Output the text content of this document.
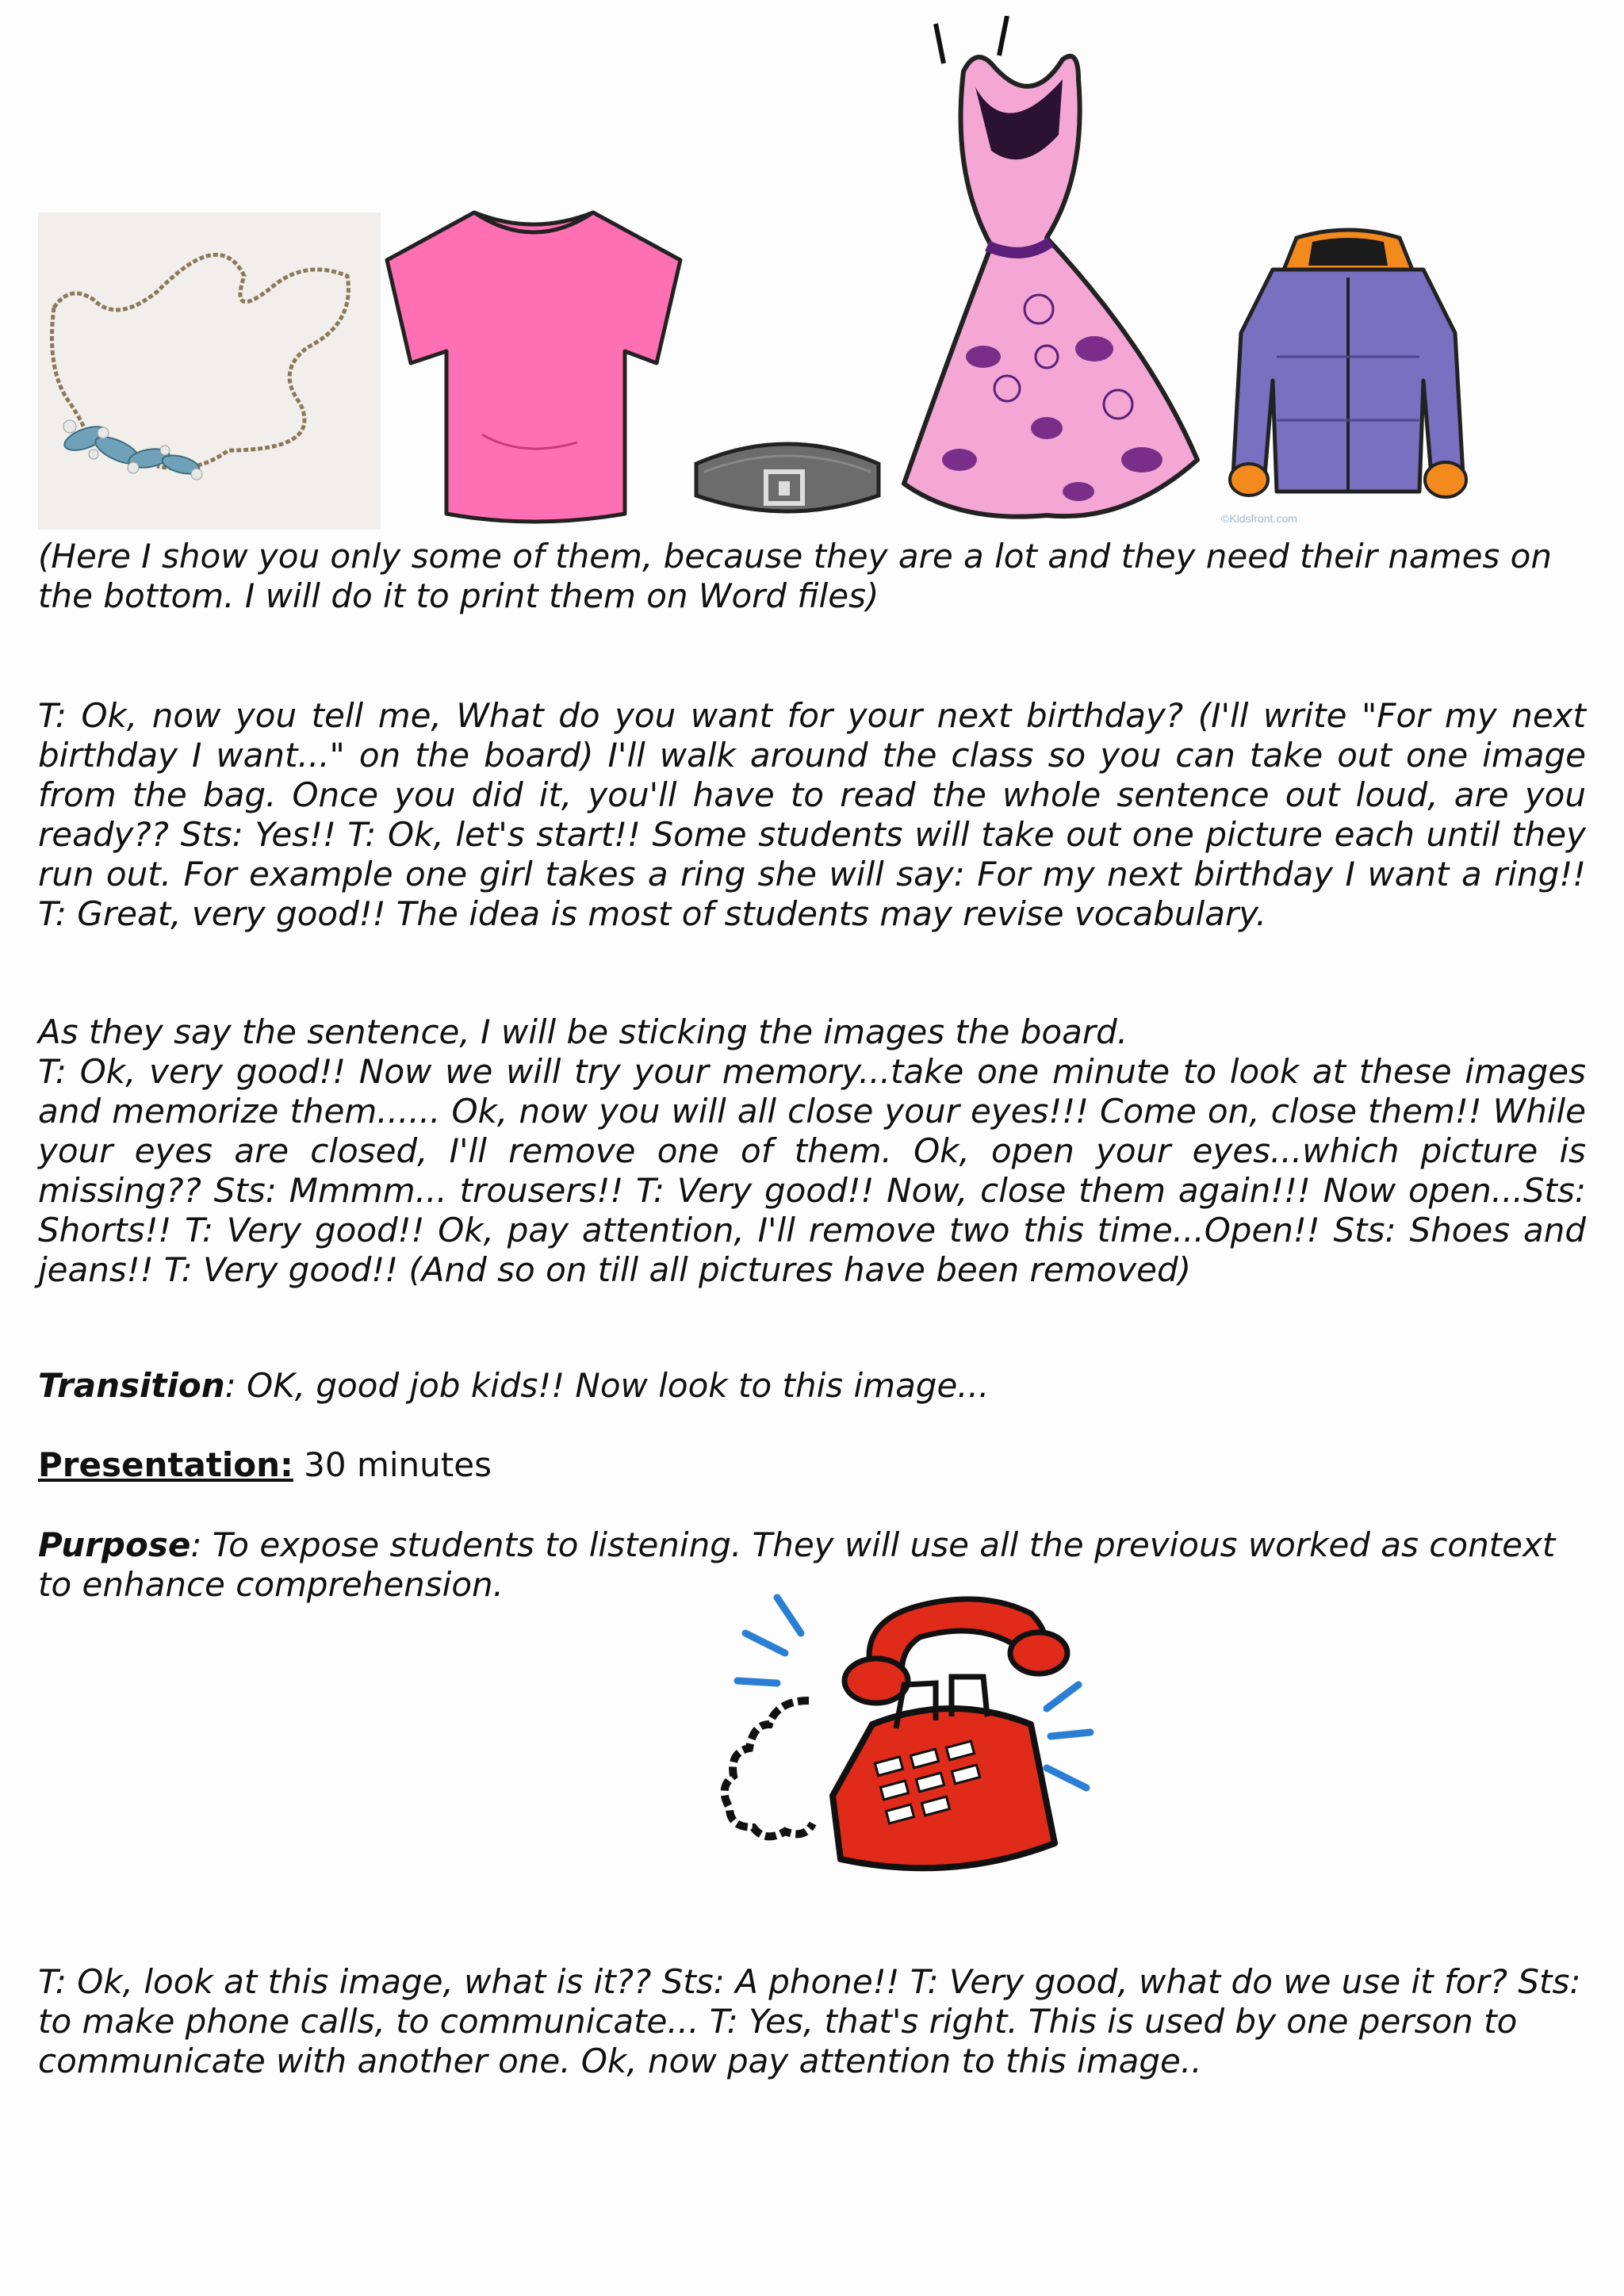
©Kidsfront.com

(Here I show you only some of them, because they are a lot and they need their names on the bottom. I will do it to print them on Word files)

T: Ok, now you tell me, What do you want for your next birthday? (I'll write "For my next birthday I want..." on the board) I'll walk around the class so you can take out one image from the bag. Once you did it, you'll have to read the whole sentence out loud, are you ready?? Sts: Yes!! T: Ok, let's start!! Some students will take out one picture each until they run out. For example one girl takes a ring she will say: For my next birthday I want a ring!! T: Great, very good!! The idea is most of students may revise vocabulary.

As they say the sentence, I will be sticking the images the board.

T: Ok, very good!! Now we will try your memory...take one minute to look at these images and memorize them...... Ok, now you will all close your eyes!!! Come on, close them!! While your eyes are closed, I'll remove one of them. Ok, open your eyes...which picture is missing?? Sts: Mmmm... trousers!! T: Very good!! Now, close them again!!! Now open...Sts: Shorts!! T: Very good!! Ok, pay attention, I'll remove two this time...Open!! Sts: Shoes and jeans!! T: Very good!! (And so on till all pictures have been removed)

Transition: OK, good job kids!! Now look to this image...

Presentation: 30 minutes

Purpose: To expose students to listening. They will use all the previous worked as context to enhance comprehension.

T: Ok, look at this image, what is it?? Sts: A phone!! T: Very good, what do we use it for? Sts: to make phone calls, to communicate... T: Yes, that's right. This is used by one person to communicate with another one. Ok, now pay attention to this image..
